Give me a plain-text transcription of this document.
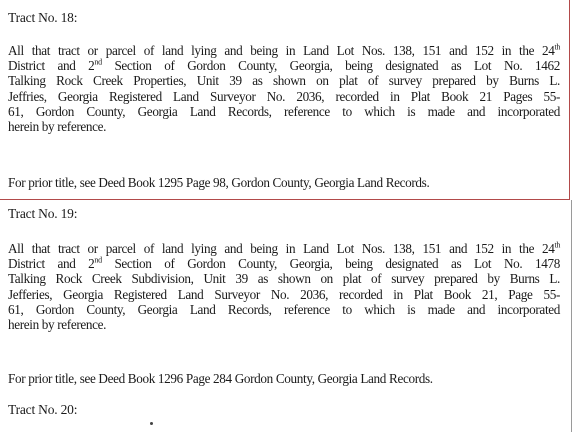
Tract No. 18:
All that tract or parcel of land lying and being in Land Lot Nos. 138, 151 and 152 in the 24th
District and 2nd Section of Gordon County, Georgia, being designated as Lot No. 1462
Talking Rock Creek Properties, Unit 39 as shown on plat of survey prepared by Burns L.
Jeffries, Georgia Registered Land Surveyor No. 2036, recorded in Plat Book 21 Pages 55-
61, Gordon County, Georgia Land Records, reference to which is made and incorporated
herein by reference.
For prior title, see Deed Book 1295 Page 98, Gordon County, Georgia Land Records.
Tract No. 19:
All that tract or parcel of land lying and being in Land Lot Nos. 138, 151 and 152 in the 24th
District and 2nd Section of Gordon County, Georgia, being designated as Lot No. 1478
Talking Rock Creek Subdivision, Unit 39 as shown on plat of survey prepared by Burns L.
Jefferies, Georgia Registered Land Surveyor No. 2036, recorded in Plat Book 21, Page 55-
61, Gordon County, Georgia Land Records, reference to which is made and incorporated
herein by reference.
For prior title, see Deed Book 1296 Page 284 Gordon County, Georgia Land Records.
Tract No. 20:
